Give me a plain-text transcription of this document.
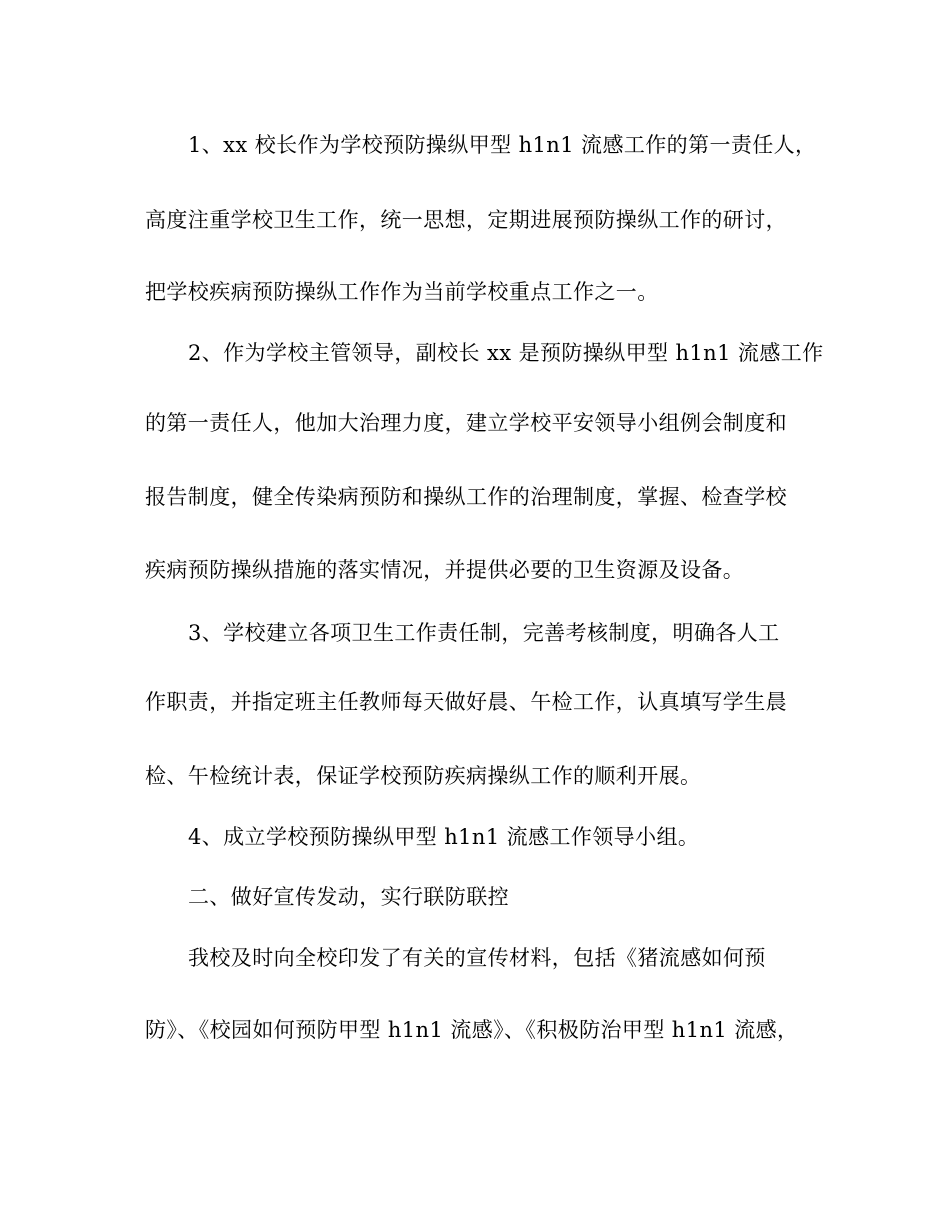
1、xx 校长作为学校预防操纵甲型 h1n1 流感工作的第一责任人，
高度注重学校卫生工作，统一思想，定期进展预防操纵工作的研讨，
把学校疾病预防操纵工作作为当前学校重点工作之一。
2、作为学校主管领导，副校长 xx 是预防操纵甲型 h1n1 流感工作
的第一责任人，他加大治理力度，建立学校平安领导小组例会制度和
报告制度，健全传染病预防和操纵工作的治理制度，掌握、检查学校
疾病预防操纵措施的落实情况，并提供必要的卫生资源及设备。
3、学校建立各项卫生工作责任制，完善考核制度，明确各人工
作职责，并指定班主任教师每天做好晨、午检工作，认真填写学生晨
检、午检统计表，保证学校预防疾病操纵工作的顺利开展。
4、成立学校预防操纵甲型 h1n1 流感工作领导小组。
二、做好宣传发动，实行联防联控
我校及时向全校印发了有关的宣传材料，包括《猪流感如何预
防》、《校园如何预防甲型 h1n1 流感》、《积极防治甲型 h1n1 流感，
